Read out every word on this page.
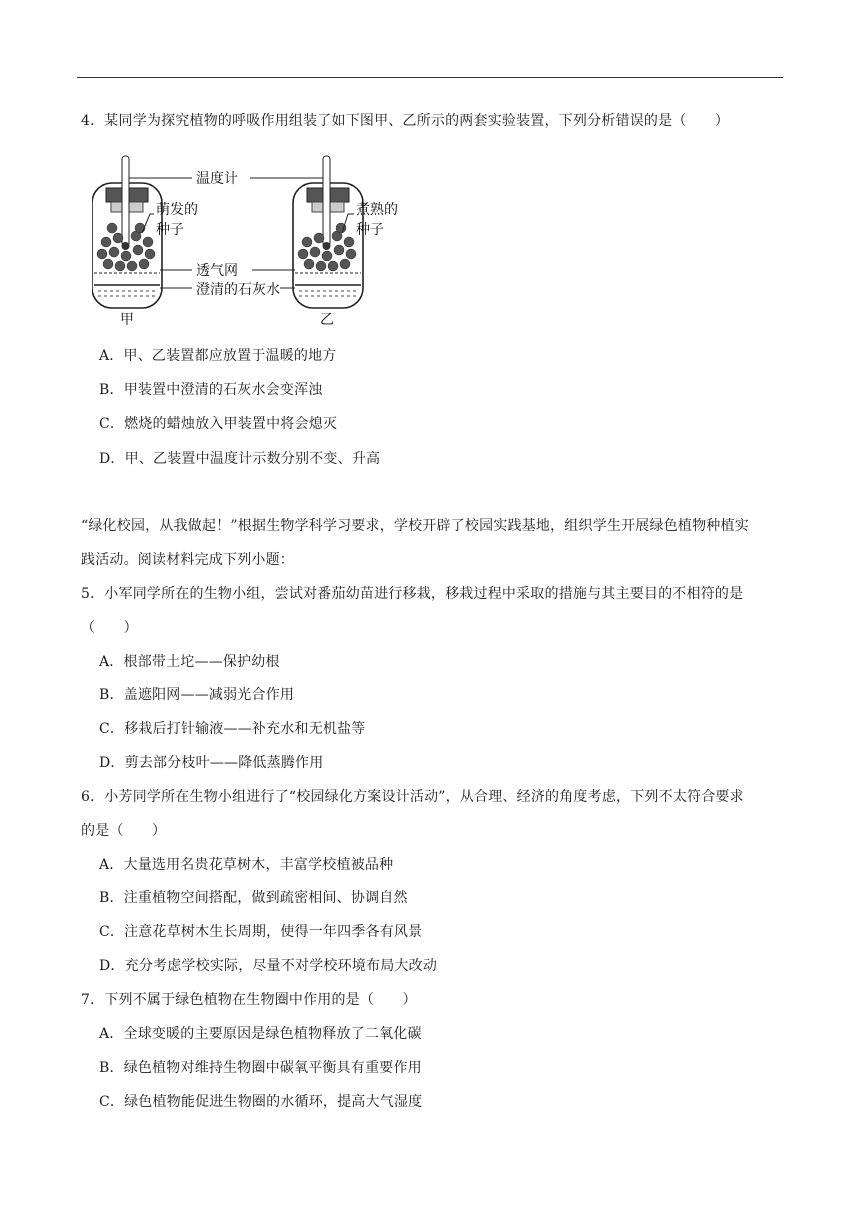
4．某同学为探究植物的呼吸作用组装了如下图甲、乙所示的两套实验装置，下列分析错误的是（　　）
温度计
萌发的
种子
煮熟的
种子
透气网
澄清的石灰水
甲	乙
A．甲、乙装置都应放置于温暖的地方
B．甲装置中澄清的石灰水会变浑浊
C．燃烧的蜡烛放入甲装置中将会熄灭
D．甲、乙装置中温度计示数分别不变、升高
“绿化校园，从我做起！”根据生物学科学习要求，学校开辟了校园实践基地，组织学生开展绿色植物种植实
践活动。阅读材料完成下列小题：
5．小军同学所在的生物小组，尝试对番茄幼苗进行移栽，移栽过程中采取的措施与其主要目的不相符的是
（　　）
A．根部带土坨——保护幼根
B．盖遮阳网——减弱光合作用
C．移栽后打针输液——补充水和无机盐等
D．剪去部分枝叶——降低蒸腾作用
6．小芳同学所在生物小组进行了“校园绿化方案设计活动”，从合理、经济的角度考虑，下列不太符合要求
的是（　　）
A．大量选用名贵花草树木，丰富学校植被品种
B．注重植物空间搭配，做到疏密相间、协调自然
C．注意花草树木生长周期，使得一年四季各有风景
D．充分考虑学校实际，尽量不对学校环境布局大改动
7．下列不属于绿色植物在生物圈中作用的是（　　）
A．全球变暖的主要原因是绿色植物释放了二氧化碳
B．绿色植物对维持生物圈中碳氧平衡具有重要作用
C．绿色植物能促进生物圈的水循环，提高大气湿度
